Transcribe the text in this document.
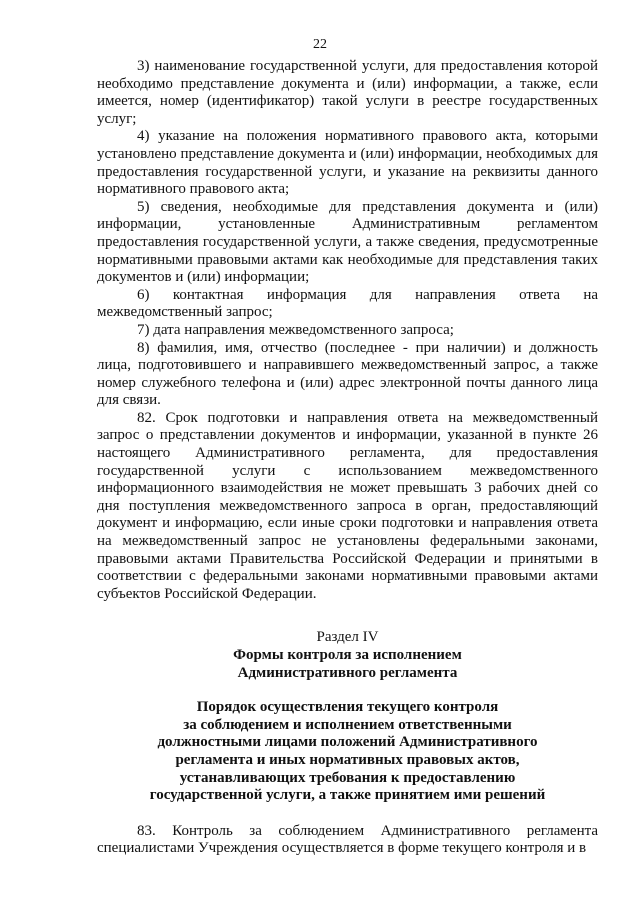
22

3) наименование государственной услуги, для предоставления которой необходимо представление документа и (или) информации, а также, если имеется, номер (идентификатор) такой услуги в реестре государственных услуг;

4) указание на положения нормативного правового акта, которыми установлено представление документа и (или) информации, необходимых для предоставления государственной услуги, и указание на реквизиты данного нормативного правового акта;

5) сведения, необходимые для представления документа и (или) информации, установленные Административным регламентом предоставления государственной услуги, а также сведения, предусмотренные нормативными правовыми актами как необходимые для представления таких документов и (или) информации;

6) контактная информация для направления ответа на межведомственный запрос;

7) дата направления межведомственного запроса;

8) фамилия, имя, отчество (последнее - при наличии) и должность лица, подготовившего и направившего межведомственный запрос, а также номер служебного телефона и (или) адрес электронной почты данного лица для связи.

82. Срок подготовки и направления ответа на межведомственный запрос о представлении документов и информации, указанной в пункте 26 настоящего Административного регламента, для предоставления государственной услуги с использованием межведомственного информационного взаимодействия не может превышать 3 рабочих дней со дня поступления межведомственного запроса в орган, предоставляющий документ и информацию, если иные сроки подготовки и направления ответа на межведомственный запрос не установлены федеральными законами, правовыми актами Правительства Российской Федерации и принятыми в соответствии с федеральными законами нормативными правовыми актами субъектов Российской Федерации.

Раздел IV

Формы контроля за исполнением

Административного регламента

Порядок осуществления текущего контроля

за соблюдением и исполнением ответственными

должностными лицами положений Административного

регламента и иных нормативных правовых актов,

устанавливающих требования к предоставлению

государственной услуги, а также принятием ими решений

83. Контроль за соблюдением Административного регламента специалистами Учреждения осуществляется в форме текущего контроля и в
